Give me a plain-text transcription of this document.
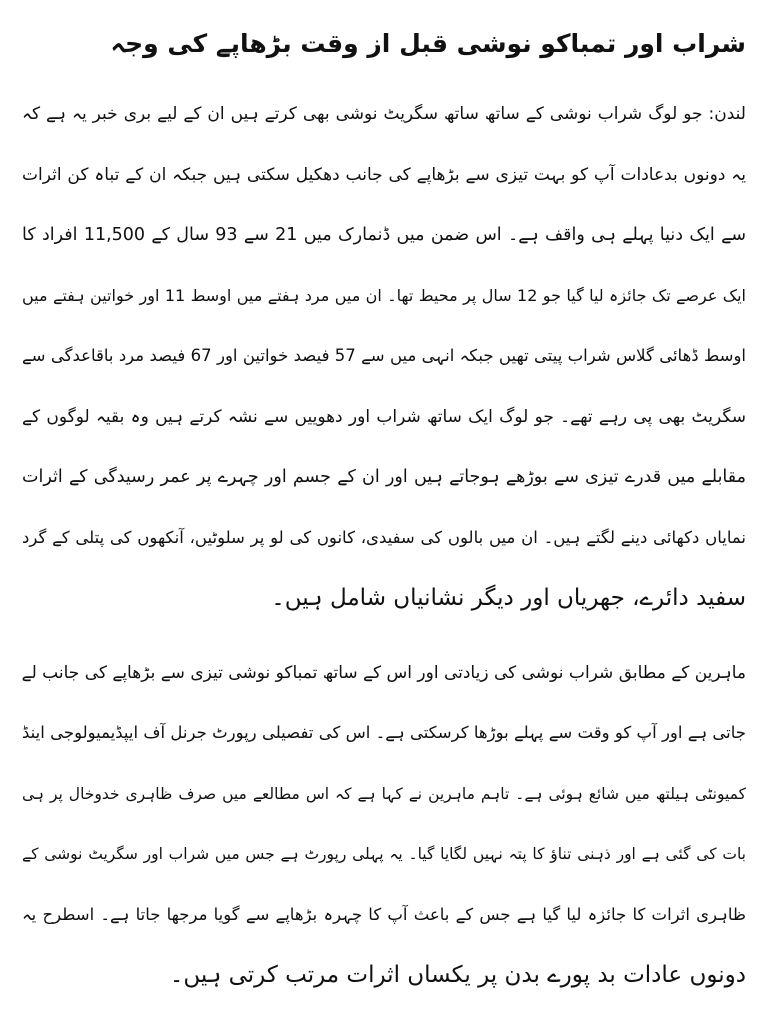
شراب اور تمباکو نوشی قبل از وقت بڑھاپے کی وجہ
لندن: جو لوگ شراب نوشی کے ساتھ ساتھ سگریٹ نوشی بھی کرتے ہیں ان کے لیے بری خبر یہ ہے کہ
یہ دونوں بدعادات آپ کو بہت تیزی سے بڑھاپے کی جانب دھکیل سکتی ہیں جبکہ ان کے تباہ کن اثرات
سے ایک دنیا پہلے ہی واقف ہے۔ اس ضمن میں ڈنمارک میں 21 سے 93 سال کے 11,500 افراد کا
ایک عرصے تک جائزہ لیا گیا جو 12 سال پر محیط تھا۔ ان میں مرد ہفتے میں اوسط 11 اور خواتین ہفتے میں
اوسط ڈھائی گلاس شراب پیتی تھیں جبکہ انہی میں سے 57 فیصد خواتین اور 67 فیصد مرد باقاعدگی سے
سگریٹ بھی پی رہے تھے۔ جو لوگ ایک ساتھ شراب اور دھوییں سے نشہ کرتے ہیں وہ بقیہ لوگوں کے
مقابلے میں قدرے تیزی سے بوڑھے ہوجاتے ہیں اور ان کے جسم اور چہرے پر عمر رسیدگی کے اثرات
نمایاں دکھائی دینے لگتے ہیں۔ ان میں بالوں کی سفیدی، کانوں کی لو پر سلوٹیں، آنکھوں کی پتلی کے گرد
سفید دائرے، جھریاں اور دیگر نشانیاں شامل ہیں۔
ماہرین کے مطابق شراب نوشی کی زیادتی اور اس کے ساتھ تمباکو نوشی تیزی سے بڑھاپے کی جانب لے
جاتی ہے اور آپ کو وقت سے پہلے بوڑھا کرسکتی ہے۔ اس کی تفصیلی رپورٹ جرنل آف ایپڈیمیولوجی اینڈ
کمیونٹی ہیلتھ میں شائع ہوئی ہے۔ تاہم ماہرین نے کہا ہے کہ اس مطالعے میں صرف ظاہری خدوخال پر ہی
بات کی گئی ہے اور ذہنی تناؤ کا پتہ نہیں لگایا گیا۔ یہ پہلی رپورٹ ہے جس میں شراب اور سگریٹ نوشی کے
ظاہری اثرات کا جائزہ لیا گیا ہے جس کے باعث آپ کا چہرہ بڑھاپے سے گویا مرجھا جاتا ہے۔ اسطرح یہ
دونوں عادات بد پورے بدن پر یکساں اثرات مرتب کرتی ہیں۔
